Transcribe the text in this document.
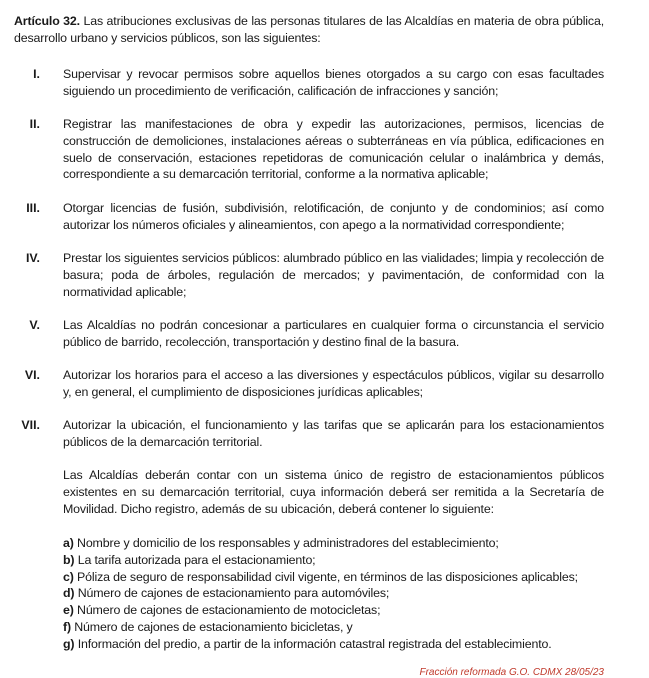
Artículo 32. Las atribuciones exclusivas de las personas titulares de las Alcaldías en materia de obra pública, desarrollo urbano y servicios públicos, son las siguientes:
I. Supervisar y revocar permisos sobre aquellos bienes otorgados a su cargo con esas facultades siguiendo un procedimiento de verificación, calificación de infracciones y sanción;
II. Registrar las manifestaciones de obra y expedir las autorizaciones, permisos, licencias de construcción de demoliciones, instalaciones aéreas o subterráneas en vía pública, edificaciones en suelo de conservación, estaciones repetidoras de comunicación celular o inalámbrica y demás, correspondiente a su demarcación territorial, conforme a la normativa aplicable;
III. Otorgar licencias de fusión, subdivisión, relotificación, de conjunto y de condominios; así como autorizar los números oficiales y alineamientos, con apego a la normatividad correspondiente;
IV. Prestar los siguientes servicios públicos: alumbrado público en las vialidades; limpia y recolección de basura; poda de árboles, regulación de mercados; y pavimentación, de conformidad con la normatividad aplicable;
V. Las Alcaldías no podrán concesionar a particulares en cualquier forma o circunstancia el servicio público de barrido, recolección, transportación y destino final de la basura.
VI. Autorizar los horarios para el acceso a las diversiones y espectáculos públicos, vigilar su desarrollo y, en general, el cumplimiento de disposiciones jurídicas aplicables;
VII. Autorizar la ubicación, el funcionamiento y las tarifas que se aplicarán para los estacionamientos públicos de la demarcación territorial.
Las Alcaldías deberán contar con un sistema único de registro de estacionamientos públicos existentes en su demarcación territorial, cuya información deberá ser remitida a la Secretaría de Movilidad. Dicho registro, además de su ubicación, deberá contener lo siguiente:
a) Nombre y domicilio de los responsables y administradores del establecimiento;
b) La tarifa autorizada para el estacionamiento;
c) Póliza de seguro de responsabilidad civil vigente, en términos de las disposiciones aplicables;
d) Número de cajones de estacionamiento para automóviles;
e) Número de cajones de estacionamiento de motocicletas;
f) Número de cajones de estacionamiento bicicletas, y
g) Información del predio, a partir de la información catastral registrada del establecimiento.
Fracción reformada G.O. CDMX 28/05/23
